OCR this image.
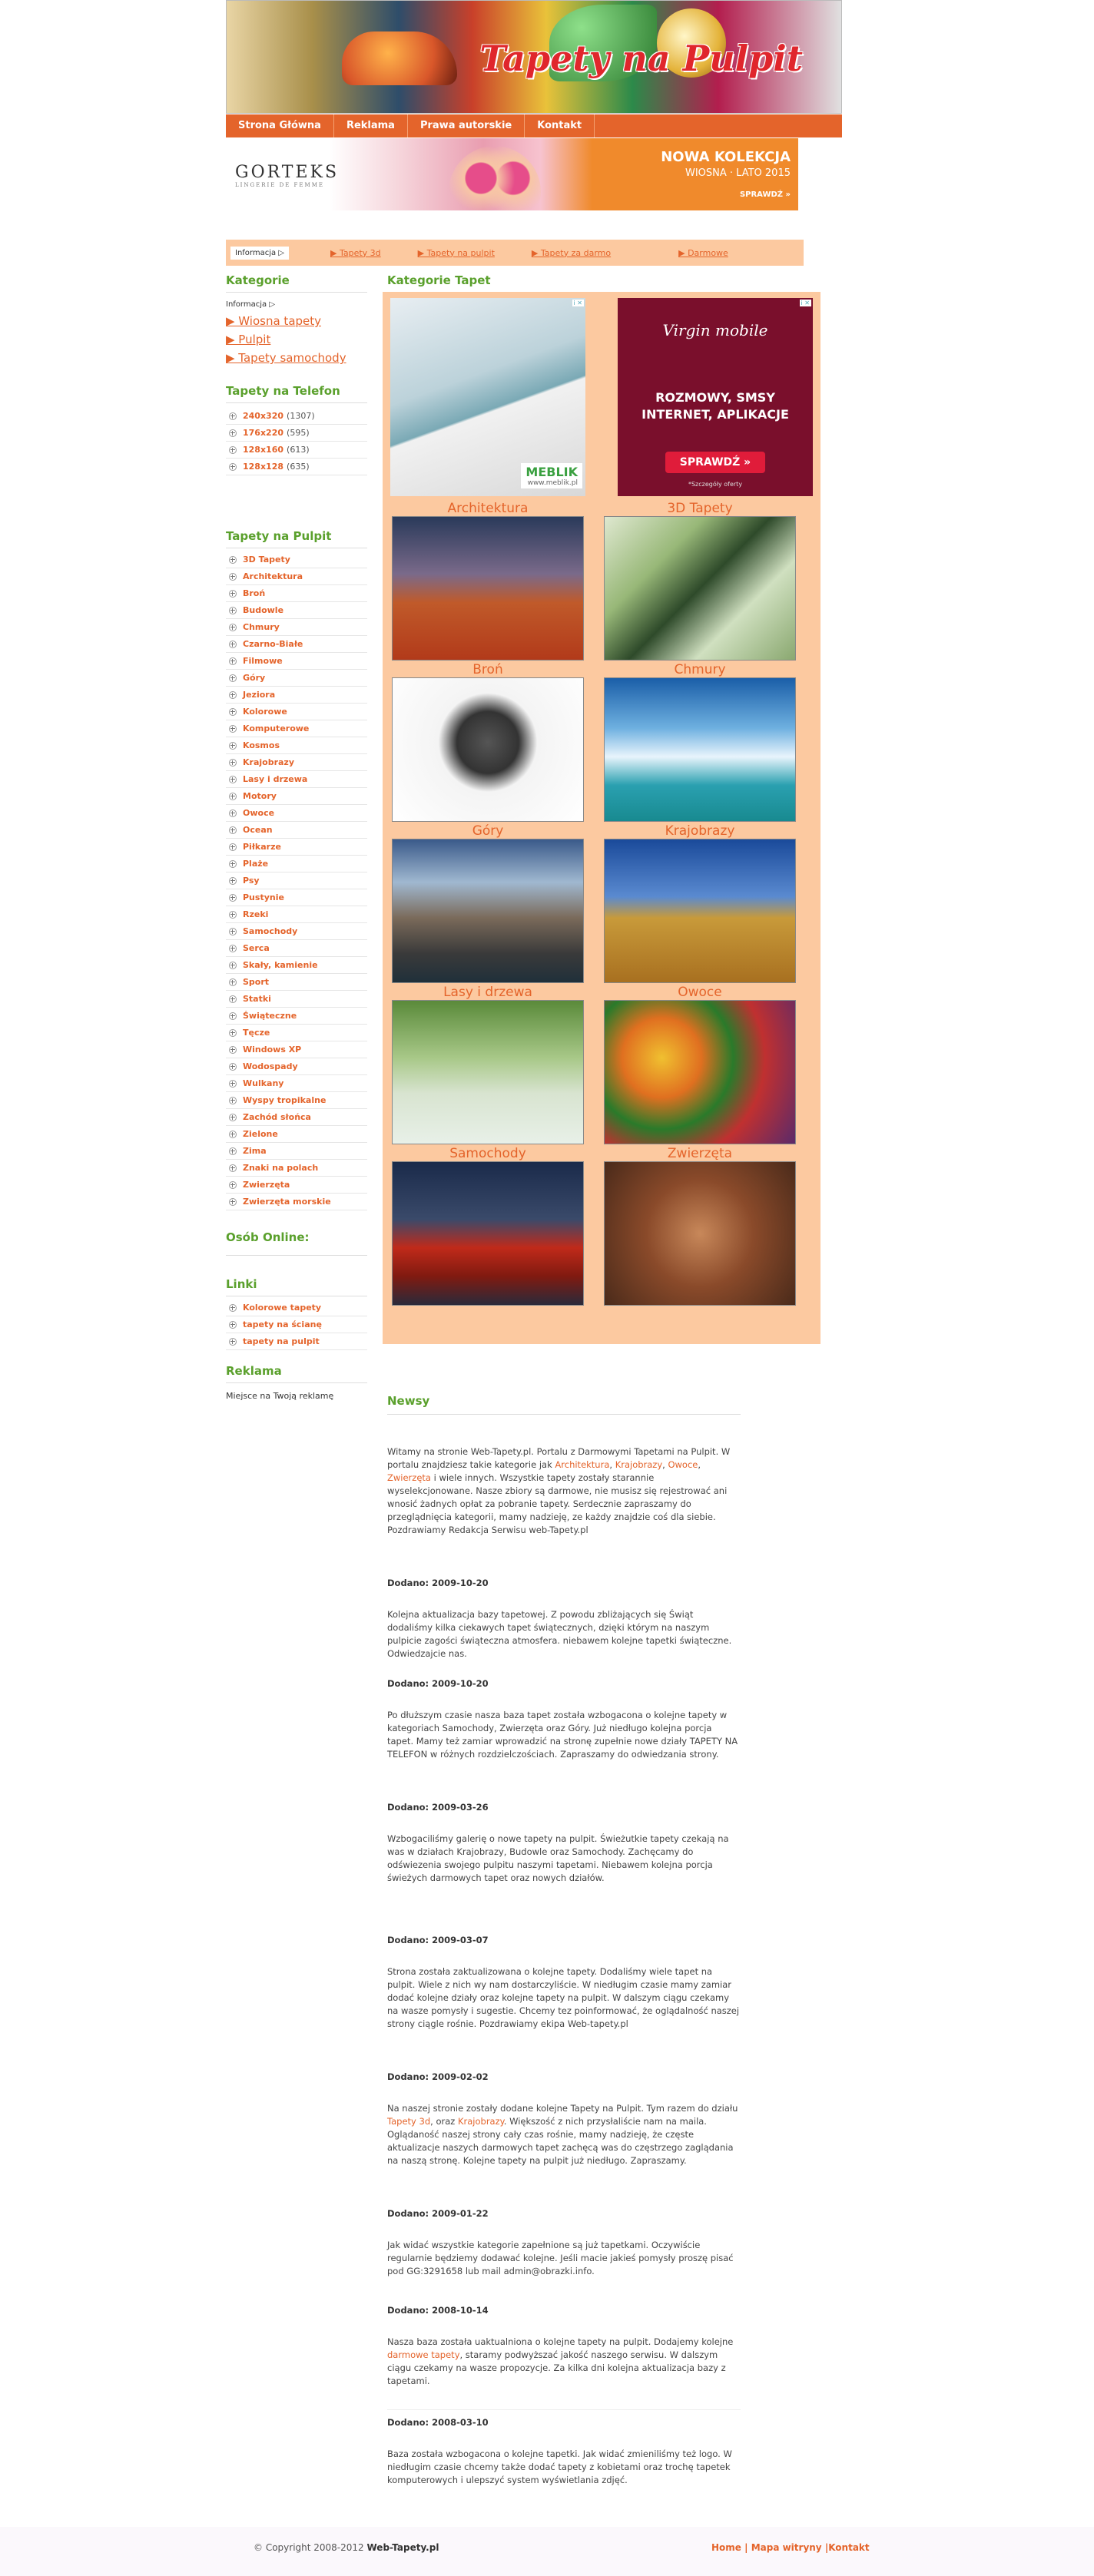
Tapety na Pulpit
Strona Główna	Reklama	Prawa autorskie	Kontakt
GORTEKS
LINGERIE DE FEMME
NOWA KOLEKCJA
WIOSNA · LATO 2015
SPRAWDŹ »
Informacja ▷	▶ Tapety 3d	▶ Tapety na pulpit	▶ Tapety za darmo	▶ Darmowe
Kategorie
Informacja ▷
▶ Wiosna tapety
▶ Pulpit
▶ Tapety samochody
Tapety na Telefon
240x320 (1307)
176x220 (595)
128x160 (613)
128x128 (635)
Tapety na Pulpit
3D Tapety
Architektura
Broń
Budowle
Chmury
Czarno-Białe
Filmowe
Góry
Jeziora
Kolorowe
Komputerowe
Kosmos
Krajobrazy
Lasy i drzewa
Motory
Owoce
Ocean
Piłkarze
Plaże
Psy
Pustynie
Rzeki
Samochody
Serca
Skały, kamienie
Sport
Statki
Świąteczne
Tęcze
Windows XP
Wodospady
Wulkany
Wyspy tropikalne
Zachód słońca
Zielone
Zima
Znaki na polach
Zwierzęta
Zwierzęta morskie
Osób Online:
Linki
Kolorowe tapety
tapety na ścianę
tapety na pulpit
Reklama
Miejsce na Twoją reklamę
Kategorie Tapet
i ✕
MEBLIK
www.meblik.pl
i ✕
Virgin mobile
ROZMOWY, SMSY
INTERNET, APLIKACJE
SPRAWDŹ »
*Szczegóły oferty
Architektura	3D Tapety
Broń	Chmury
Góry	Krajobrazy
Lasy i drzewa	Owoce
Samochody	Zwierzęta
Newsy

Witamy na stronie Web-Tapety.pl. Portalu z Darmowymi Tapetami na Pulpit. W portalu znajdziesz takie kategorie jak Architektura, Krajobrazy, Owoce, Zwierzęta i wiele innych. Wszystkie tapety zostały starannie wyselekcjonowane. Nasze zbiory są darmowe, nie musisz się rejestrować ani wnosić żadnych opłat za pobranie tapety. Serdecznie zapraszamy do przeglądnięcia kategorii, mamy nadzieję, ze każdy znajdzie coś dla siebie. Pozdrawiamy Redakcja Serwisu web-Tapety.pl

Dodano: 2009-10-20

Kolejna aktualizacja bazy tapetowej. Z powodu zbliżających się Świąt dodaliśmy kilka ciekawych tapet świątecznych, dzięki którym na naszym pulpicie zagości świąteczna atmosfera. niebawem kolejne tapetki świąteczne. Odwiedzajcie nas.

Dodano: 2009-10-20

Po dłuższym czasie nasza baza tapet została wzbogacona o kolejne tapety w kategoriach Samochody, Zwierzęta oraz Góry. Już niedługo kolejna porcja tapet. Mamy też zamiar wprowadzić na stronę zupełnie nowe działy TAPETY NA TELEFON w różnych rozdzielczościach. Zapraszamy do odwiedzania strony.

Dodano: 2009-03-26

Wzbogaciliśmy galerię o nowe tapety na pulpit. Świeżutkie tapety czekają na was w działach Krajobrazy, Budowle oraz Samochody. Zachęcamy do odświezenia swojego pulpitu naszymi tapetami. Niebawem kolejna porcja świeżych darmowych tapet oraz nowych działów.

Dodano: 2009-03-07

Strona została zaktualizowana o kolejne tapety. Dodaliśmy wiele tapet na pulpit. Wiele z nich wy nam dostarczyliście. W niedługim czasie mamy zamiar dodać kolejne działy oraz kolejne tapety na pulpit. W dalszym ciągu czekamy na wasze pomysły i sugestie. Chcemy tez poinformować, że oglądalność naszej strony ciągle rośnie. Pozdrawiamy ekipa Web-tapety.pl

Dodano: 2009-02-02

Na naszej stronie zostały dodane kolejne Tapety na Pulpit. Tym razem do działu Tapety 3d, oraz Krajobrazy. Większość z nich przysłaliście nam na maila. Oglądaność naszej strony cały czas rośnie, mamy nadzieję, że częste aktualizacje naszych darmowych tapet zachęcą was do częstrzego zaglądania na naszą stronę. Kolejne tapety na pulpit już niedługo. Zapraszamy.

Dodano: 2009-01-22

Jak widać wszystkie kategorie zapełnione są już tapetkami. Oczywiście regularnie będziemy dodawać kolejne. Jeśli macie jakieś pomysły proszę pisać pod GG:3291658 lub mail admin@obrazki.info.

Dodano: 2008-10-14

Nasza baza została uaktualniona o kolejne tapety na pulpit. Dodajemy kolejne darmowe tapety, staramy podwyższać jakość naszego serwisu. W dalszym ciągu czekamy na wasze propozycje. Za kilka dni kolejna aktualizacja bazy z tapetami.

Dodano: 2008-03-10

Baza została wzbogacona o kolejne tapetki. Jak widać zmieniliśmy też logo. W niedługim czasie chcemy także dodać tapety z kobietami oraz trochę tapetek komputerowych i ulepszyć system wyświetlania zdjęć.

© Copyright 2008-2012 Web-Tapety.pl	Home | Mapa witryny |Kontakt
